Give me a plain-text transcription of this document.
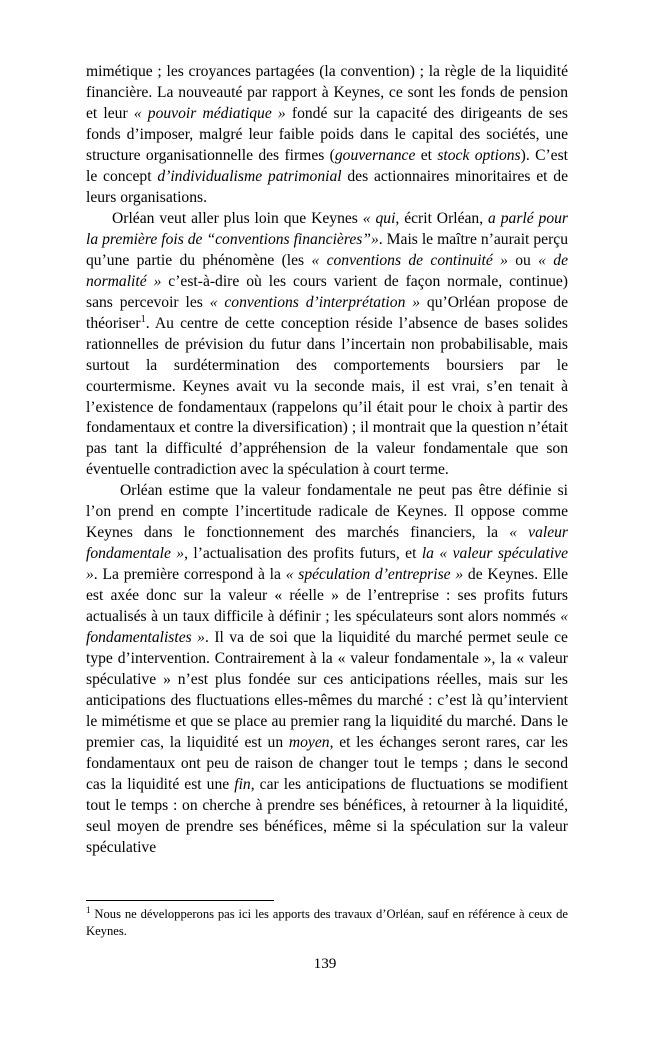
mimétique ; les croyances partagées (la convention) ; la règle de la liquidité financière. La nouveauté par rapport à Keynes, ce sont les fonds de pension et leur « pouvoir médiatique » fondé sur la capacité des dirigeants de ses fonds d’imposer, malgré leur faible poids dans le capital des sociétés, une structure organisationnelle des firmes (gouvernance et stock options). C’est le concept d’individualisme patrimonial des actionnaires minoritaires et de leurs organisations.

Orléan veut aller plus loin que Keynes « qui, écrit Orléan, a parlé pour la première fois de “conventions financières”». Mais le maître n’aurait perçu qu’une partie du phénomène (les « conventions de continuité » ou « de normalité » c’est-à-dire où les cours varient de façon normale, continue) sans percevoir les « conventions d’interprétation » qu’Orléan propose de théoriser$^1$. Au centre de cette conception réside l’absence de bases solides rationnelles de prévision du futur dans l’incertain non probabilisable, mais surtout la surdétermination des comportements boursiers par le courtermisme. Keynes avait vu la seconde mais, il est vrai, s’en tenait à l’existence de fondamentaux (rappelons qu’il était pour le choix à partir des fondamentaux et contre la diversification) ; il montrait que la question n’était pas tant la difficulté d’appréhension de la valeur fondamentale que son éventuelle contradiction avec la spéculation à court terme.

Orléan estime que la valeur fondamentale ne peut pas être définie si l’on prend en compte l’incertitude radicale de Keynes. Il oppose comme Keynes dans le fonctionnement des marchés financiers, la « valeur fondamentale », l’actualisation des profits futurs, et la « valeur spéculative ». La première correspond à la « spéculation d’entreprise » de Keynes. Elle est axée donc sur la valeur « réelle » de l’entreprise : ses profits futurs actualisés à un taux difficile à définir ; les spéculateurs sont alors nommés « fondamentalistes ». Il va de soi que la liquidité du marché permet seule ce type d’intervention. Contrairement à la « valeur fondamentale », la « valeur spéculative » n’est plus fondée sur ces anticipations réelles, mais sur les anticipations des fluctuations elles-mêmes du marché : c’est là qu’intervient le mimétisme et que se place au premier rang la liquidité du marché. Dans le premier cas, la liquidité est un moyen, et les échanges seront rares, car les fondamentaux ont peu de raison de changer tout le temps ; dans le second cas la liquidité est une fin, car les anticipations de fluctuations se modifient tout le temps : on cherche à prendre ses bénéfices, à retourner à la liquidité, seul moyen de prendre ses bénéfices, même si la spéculation sur la valeur spéculative

$^1$ Nous ne développerons pas ici les apports des travaux d’Orléan, sauf en référence à ceux de Keynes.
139
